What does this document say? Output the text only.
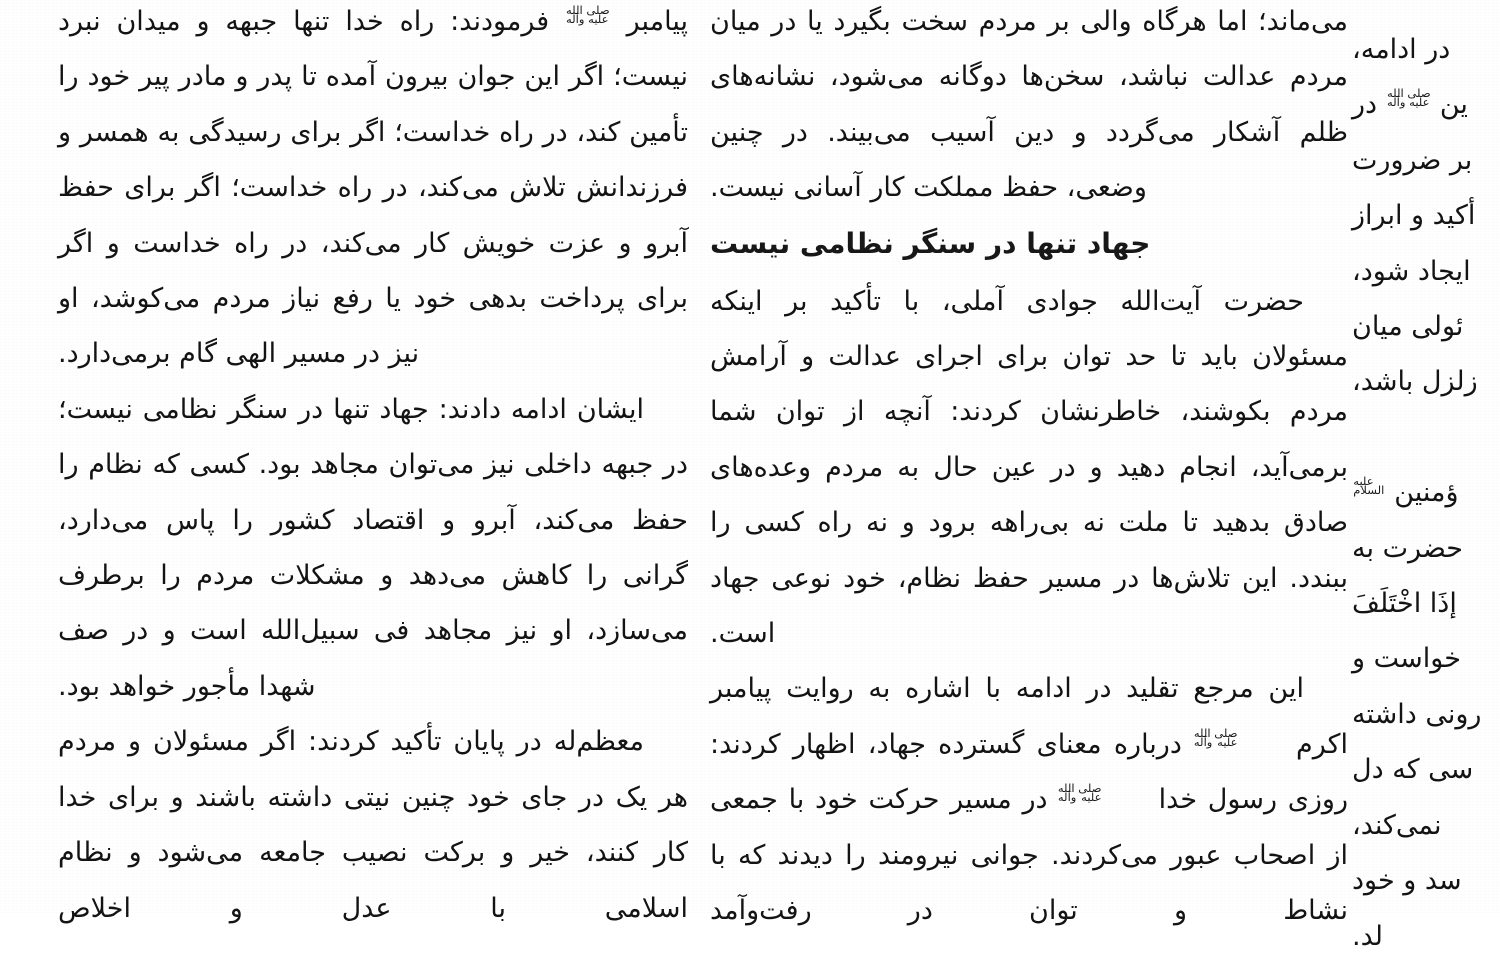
پیامبر
صلى الله
عليه وآله
فرمودند: راه خدا تنها جبهه و میدان نبرد نیست؛ اگر این جوان بیرون آمده تا پدر و مادر پیر خود را تأمین کند، در راه خداست؛ اگر برای رسیدگی به همسر و فرزندانش تلاش می‌کند، در راه خداست؛ اگر برای حفظ آبرو و عزت خویش کار می‌کند، در راه خداست و اگر برای پرداخت بدهی خود یا رفع نیاز مردم می‌کوشد، او نیز در مسیر الهی گام برمی‌دارد.

ایشان ادامه دادند: جهاد تنها در سنگر نظامی نیست؛ در جبهه داخلی نیز می‌توان مجاهد بود. کسی که نظام را حفظ می‌کند، آبرو و اقتصاد کشور را پاس می‌دارد، گرانی را کاهش می‌دهد و مشکلات مردم را برطرف می‌سازد، او نیز مجاهد فی سبیل‌الله است و در صف شهدا مأجور خواهد بود.

معظم‌له در پایان تأکید کردند: اگر مسئولان و مردم هر یک در جای خود چنین نیتی داشته باشند و برای خدا کار کنند، خیر و برکت نصیب جامعه می‌شود و نظام اسلامی با عدل و اخلاص

می‌ماند؛ اما هرگاه والی بر مردم سخت بگیرد یا در میان مردم عدالت نباشد، سخن‌ها دوگانه می‌شود، نشانه‌های ظلم آشکار می‌گردد و دین آسیب می‌بیند. در چنین وضعی، حفظ مملکت کار آسانی نیست.

جهاد تنها در سنگر نظامی نیست

حضرت آیت‌الله جوادی آملی، با تأکید بر اینکه مسئولان باید تا حد توان برای اجرای عدالت و آرامش مردم بکوشند، خاطرنشان کردند: آنچه از توان شما برمی‌آید، انجام دهید و در عین حال به مردم وعده‌های صادق بدهید تا ملت نه بی‌راهه برود و نه راه کسی را ببندد. این تلاش‌ها در مسیر حفظ نظام، خود نوعی جهاد است.

این مرجع تقلید در ادامه با اشاره به روایت پیامبر اکرم
صلى الله
عليه وآله
درباره معنای گسترده جهاد، اظهار کردند: روزی رسول خدا
صلى الله
عليه وآله
در مسیر حرکت خود با جمعی از اصحاب عبور می‌کردند. جوانی نیرومند را دیدند که با نشاط و توان در رفت‌وآمد

در ادامه،
ین
صلى الله
عليه وآله
در
بر ضرورت
أکید و ابراز
ایجاد شود،
ئولی میان
زلزل باشد،

ؤمنین
عليه
السلام
حضرت به
إذَا اخْتَلَفَ
خواست و
رونی داشته
سی که دل
نمی‌کند،
سد و خود
لد.
